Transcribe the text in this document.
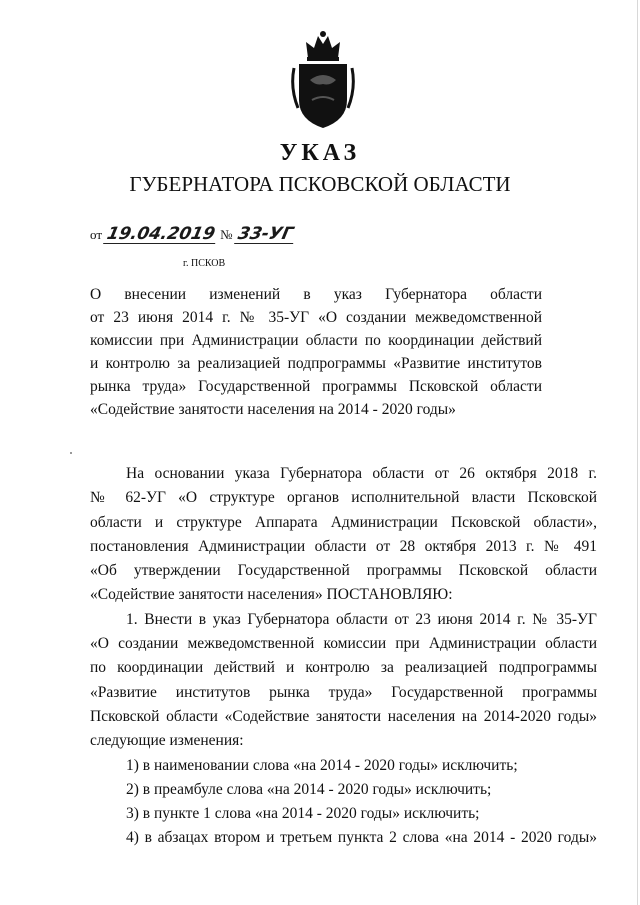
УКАЗ
ГУБЕРНАТОРА ПСКОВСКОЙ ОБЛАСТИ
от 19.04.2019 № 33-УГ
г. ПСКОВ
О внесении изменений в указ Губернатора области
от 23 июня 2014 г. № 35-УГ «О создании межведомственной
комиссии при Администрации области по координации действий
и контролю за реализацией подпрограммы «Развитие институтов
рынка труда» Государственной программы Псковской области
«Содействие занятости населения на 2014 - 2020 годы»
На основании указа Губернатора области от 26 октября 2018 г.
№ 62-УГ «О структуре органов исполнительной власти Псковской
области и структуре Аппарата Администрации Псковской области»,
постановления Администрации области от 28 октября 2013 г. № 491
«Об утверждении Государственной программы Псковской области
«Содействие занятости населения» ПОСТАНОВЛЯЮ:
1. Внести в указ Губернатора области от 23 июня 2014 г. № 35-УГ
«О создании межведомственной комиссии при Администрации области
по координации действий и контролю за реализацией подпрограммы
«Развитие институтов рынка труда» Государственной программы
Псковской области «Содействие занятости населения на 2014-2020 годы»
следующие изменения:
1) в наименовании слова «на 2014 - 2020 годы» исключить;
2) в преамбуле слова «на 2014 - 2020 годы» исключить;
3) в пункте 1 слова «на 2014 - 2020 годы» исключить;
4) в абзацах втором и третьем пункта 2 слова «на 2014 - 2020 годы»
